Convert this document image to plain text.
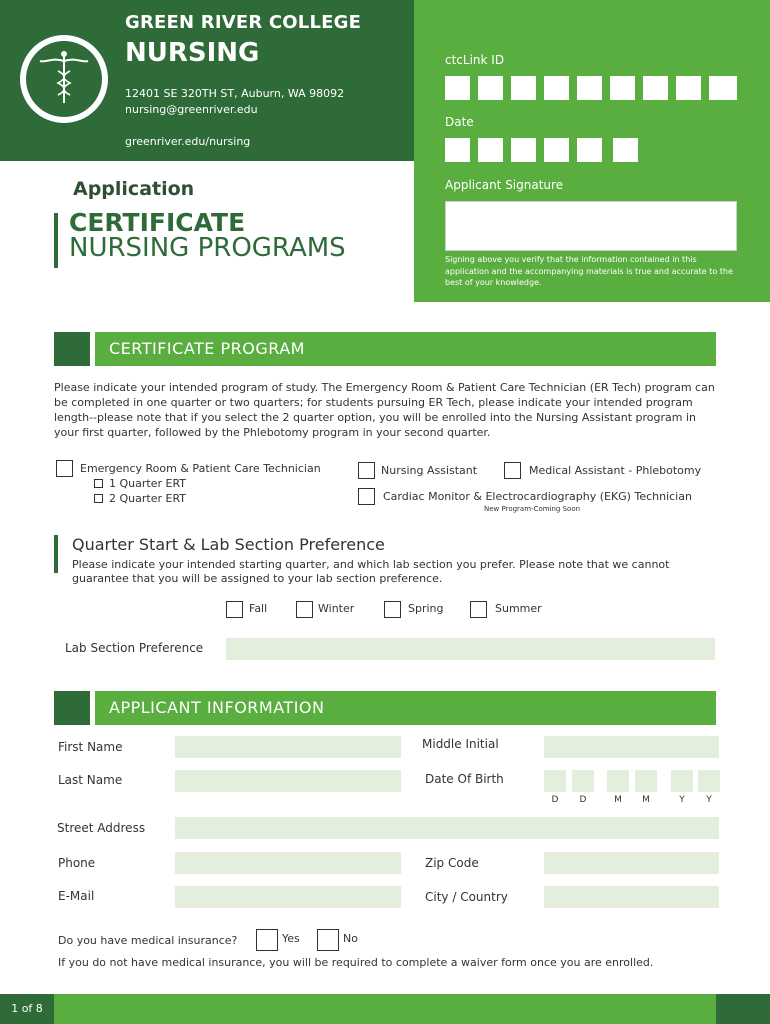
GREEN RIVER COLLEGE
NURSING
12401 SE 320TH ST, Auburn, WA 98092
nursing@greenriver.edu
greenriver.edu/nursing
ctcLink ID
Date
Applicant Signature
Signing above you verify that the information contained in this application and the accompanying materials is true and accurate to the best of your knowledge.
Application
CERTIFICATE
NURSING PROGRAMS
CERTIFICATE PROGRAM
Please indicate your intended program of study. The Emergency Room & Patient Care Technician (ER Tech) program can be completed in one quarter or two quarters; for students pursuing ER Tech, please indicate your intended program length--please note that if you select the 2 quarter option, you will be enrolled into the Nursing Assistant program in your first quarter, followed by the Phlebotomy program in your second quarter.
Emergency Room & Patient Care Technician
1 Quarter ERT
2 Quarter ERT
Nursing Assistant	Medical Assistant - Phlebotomy
Cardiac Monitor & Electrocardiography (EKG) Technician
New Program-Coming Soon
Quarter Start & Lab Section Preference
Please indicate your intended starting quarter, and which lab section you prefer. Please note that we cannot guarantee that you will be assigned to your lab section preference.
Fall	Winter	Spring	Summer
Lab Section Preference
APPLICANT INFORMATION
First Name	Middle Initial
Last Name	Date Of Birth
D	D	M	M	Y	Y
Street Address
Phone	Zip Code
E-Mail	City / Country
Do you have medical insurance?	Yes	No
If you do not have medical insurance, you will be required to complete a waiver form once you are enrolled.
1 of 8
